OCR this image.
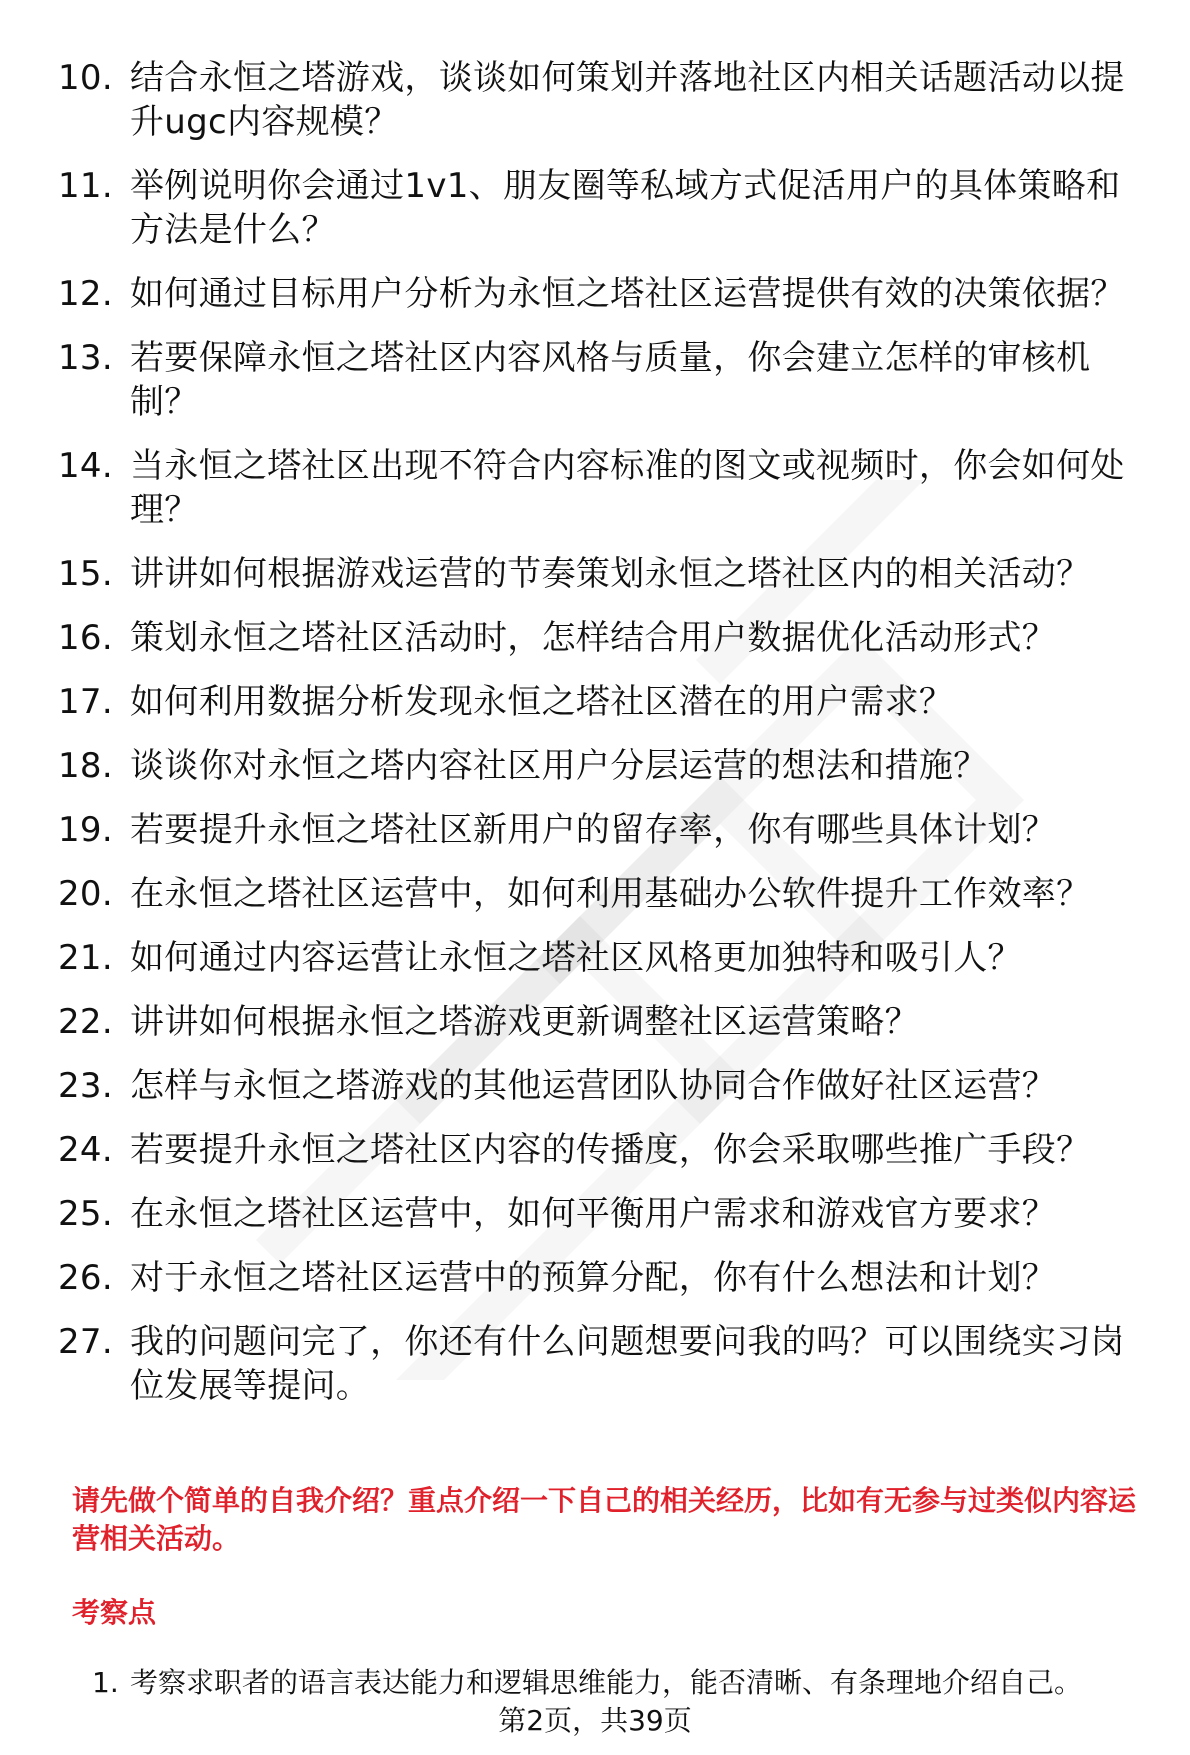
10. 结合永恒之塔游戏，谈谈如何策划并落地社区内相关话题活动以提升ugc内容规模？
11. 举例说明你会通过1v1、朋友圈等私域方式促活用户的具体策略和方法是什么？
12. 如何通过目标用户分析为永恒之塔社区运营提供有效的决策依据？
13. 若要保障永恒之塔社区内容风格与质量，你会建立怎样的审核机制？
14. 当永恒之塔社区出现不符合内容标准的图文或视频时，你会如何处理？
15. 讲讲如何根据游戏运营的节奏策划永恒之塔社区内的相关活动？
16. 策划永恒之塔社区活动时，怎样结合用户数据优化活动形式？
17. 如何利用数据分析发现永恒之塔社区潜在的用户需求？
18. 谈谈你对永恒之塔内容社区用户分层运营的想法和措施？
19. 若要提升永恒之塔社区新用户的留存率，你有哪些具体计划？
20. 在永恒之塔社区运营中，如何利用基础办公软件提升工作效率？
21. 如何通过内容运营让永恒之塔社区风格更加独特和吸引人？
22. 讲讲如何根据永恒之塔游戏更新调整社区运营策略？
23. 怎样与永恒之塔游戏的其他运营团队协同合作做好社区运营？
24. 若要提升永恒之塔社区内容的传播度，你会采取哪些推广手段？
25. 在永恒之塔社区运营中，如何平衡用户需求和游戏官方要求？
26. 对于永恒之塔社区运营中的预算分配，你有什么想法和计划？
27. 我的问题问完了，你还有什么问题想要问我的吗？可以围绕实习岗位发展等提问。

请先做个简单的自我介绍？重点介绍一下自己的相关经历，比如有无参与过类似内容运营相关活动。

考察点

1. 考察求职者的语言表达能力和逻辑思维能力，能否清晰、有条理地介绍自己。
第2页，共39页
